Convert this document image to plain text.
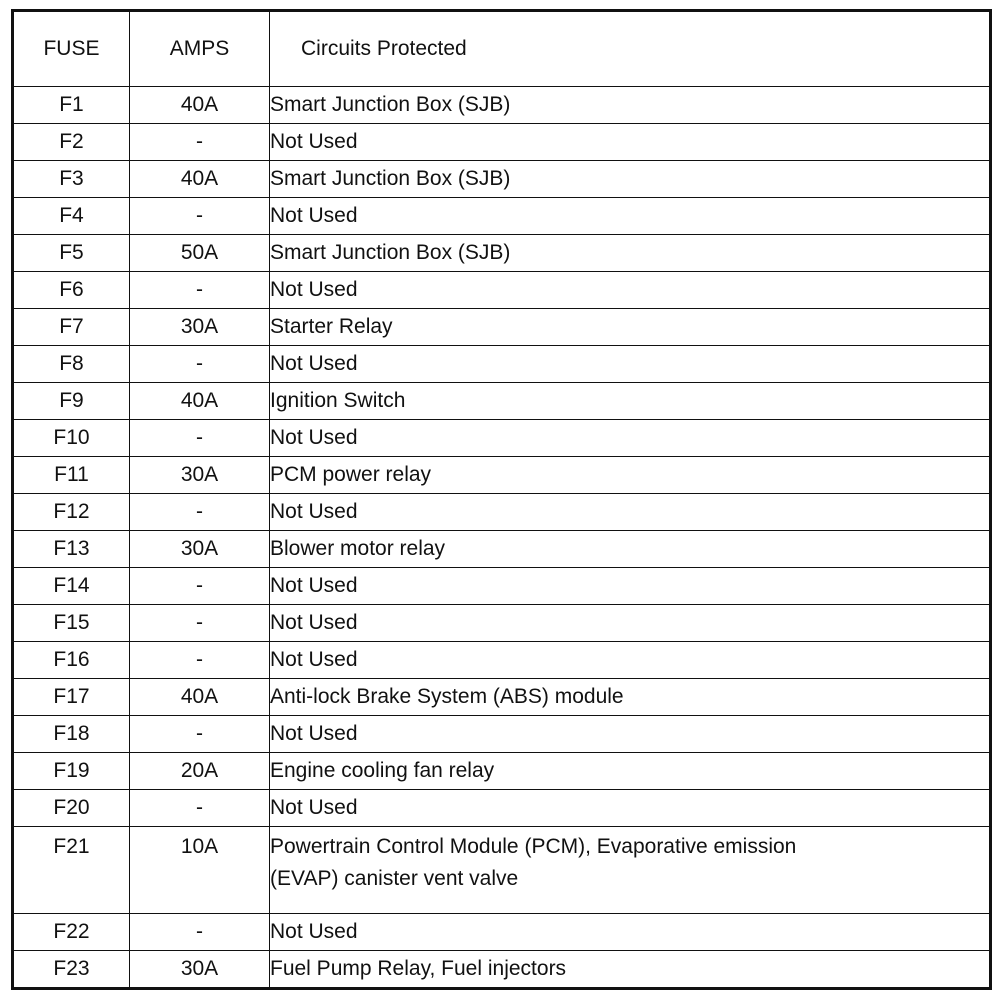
FUSE	AMPS	Circuits Protected
F1	40A	Smart Junction Box (SJB)
F2	-	Not Used
F3	40A	Smart Junction Box (SJB)
F4	-	Not Used
F5	50A	Smart Junction Box (SJB)
F6	-	Not Used
F7	30A	Starter Relay
F8	-	Not Used
F9	40A	Ignition Switch
F10	-	Not Used
F11	30A	PCM power relay
F12	-	Not Used
F13	30A	Blower motor relay
F14	-	Not Used
F15	-	Not Used
F16	-	Not Used
F17	40A	Anti-lock Brake System (ABS) module
F18	-	Not Used
F19	20A	Engine cooling fan relay
F20	-	Not Used
F21	10A	Powertrain Control Module (PCM), Evaporative emission
(EVAP) canister vent valve

F22	-	Not Used
F23	30A	Fuel Pump Relay, Fuel injectors
